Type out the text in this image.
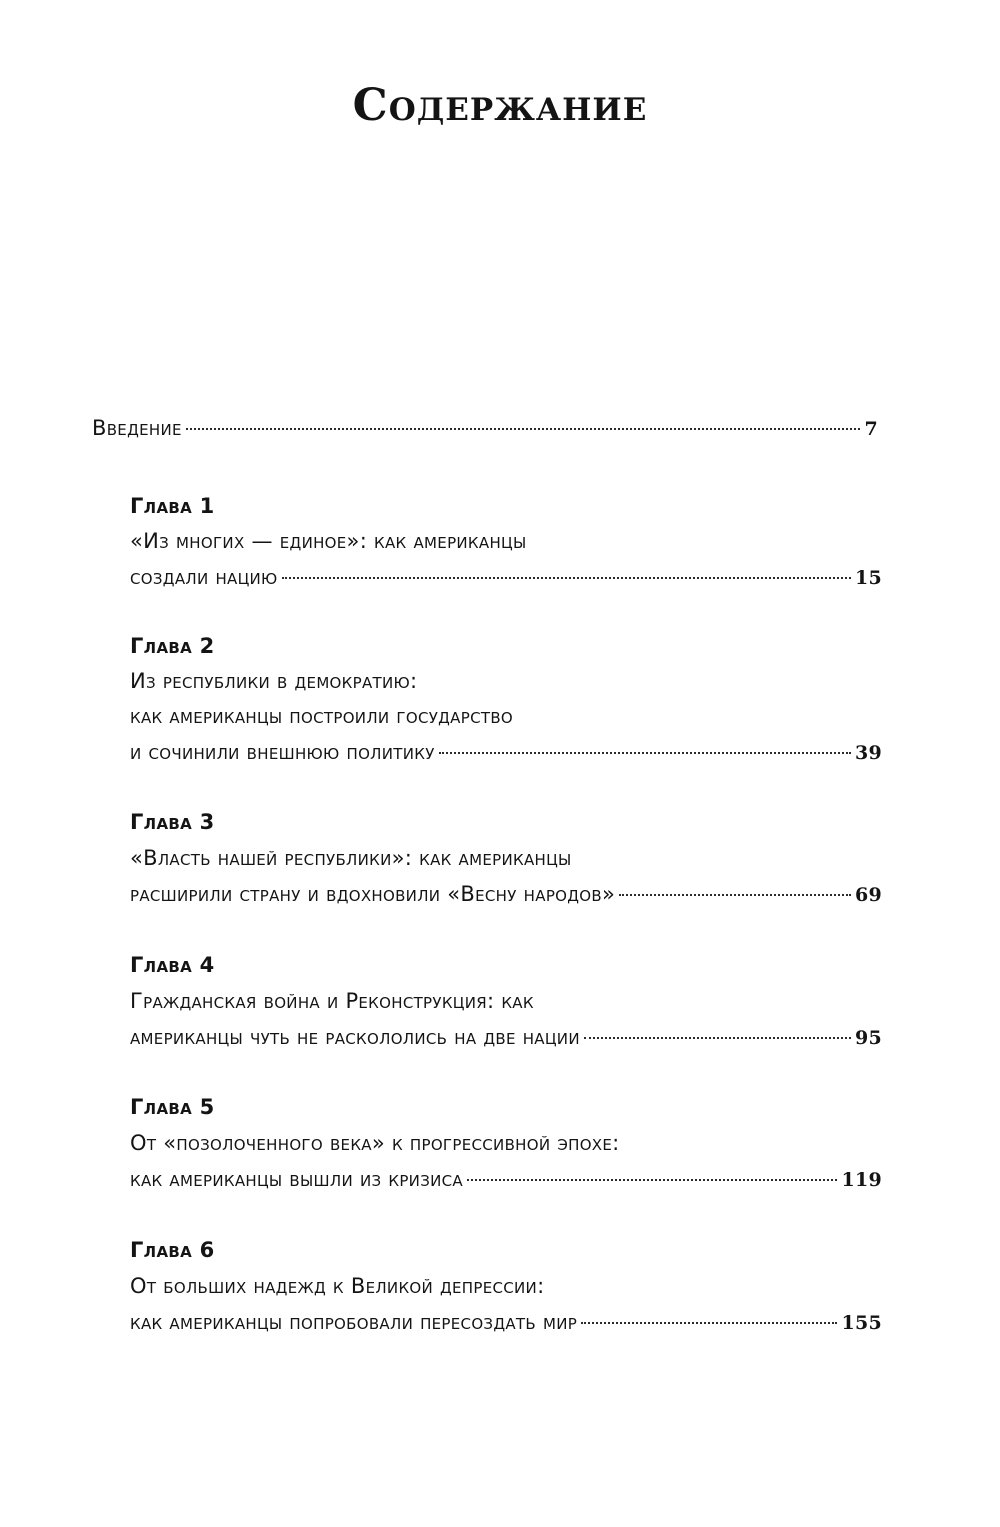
Содержание
Введение	7
Глава 1
«Из многих — единое»: как американцы
создали нацию	15
Глава 2
Из республики в демократию:
как американцы построили государство
и сочинили внешнюю политику	39
Глава 3
«Власть нашей республики»: как американцы
расширили страну и вдохновили «Весну народов»	69
Глава 4
Гражданская война и Реконструкция: как
американцы чуть не раскололись на две нации	95
Глава 5
От «позолоченного века» к прогрессивной эпохе:
как американцы вышли из кризиса	119
Глава 6
От больших надежд к Великой депрессии:
как американцы попробовали пересоздать мир	155
